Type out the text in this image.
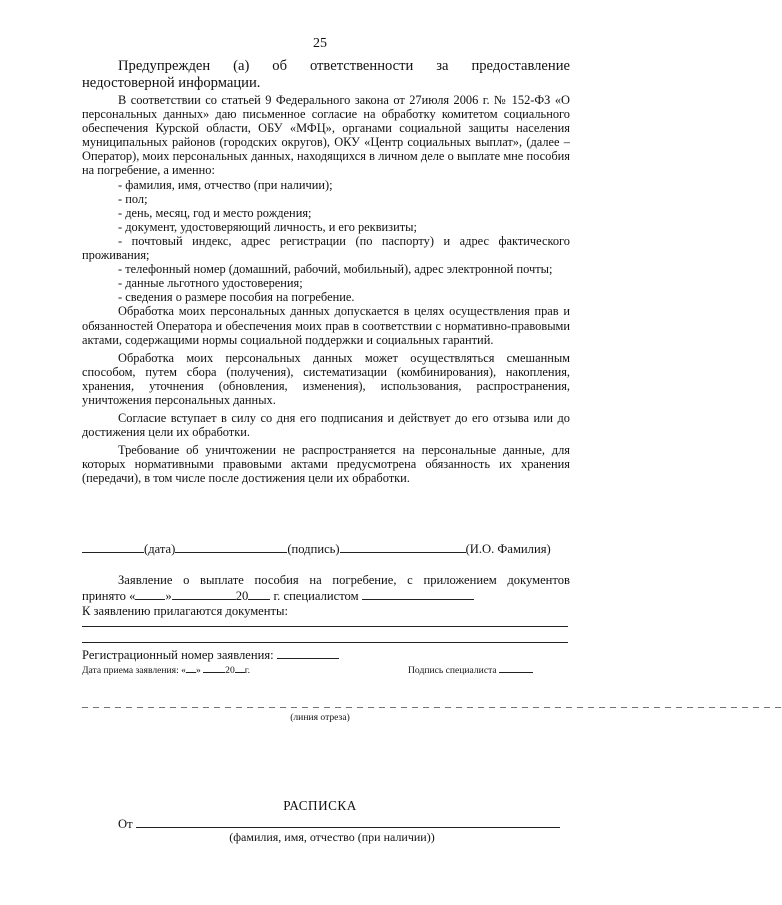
25

Предупрежден (а) об ответственности за предоставление

недостоверной информации.

В соответствии со статьей 9 Федерального закона от 27июля 2006 г. № 152-ФЗ «О персональных данных» даю письменное согласие на обработку комитетом социального обеспечения Курской области, ОБУ «МФЦ», органами социальной защиты населения муниципальных районов (городских округов), ОКУ «Центр социальных выплат», (далее – Оператор), моих персональных данных, находящихся в личном деле о выплате мне пособия на погребение, а именно:

- фамилия, имя, отчество (при наличии);

- пол;

- день, месяц, год и место рождения;

- документ, удостоверяющий личность, и его реквизиты;

- почтовый индекс, адрес регистрации (по паспорту) и адрес фактического проживания;

- телефонный номер (домашний, рабочий, мобильный), адрес электронной почты;

- данные льготного удостоверения;

- сведения о размере пособия на погребение.

Обработка моих персональных данных допускается в целях осуществления прав и обязанностей Оператора и обеспечения моих прав в соответствии с нормативно-правовыми актами, содержащими нормы социальной поддержки и социальных гарантий.

Обработка моих персональных данных может осуществляться смешанным способом, путем сбора (получения), систематизации (комбинирования), накопления, хранения, уточнения (обновления, изменения), использования, распространения, уничтожения персональных данных.

Согласие вступает в силу со дня его подписания и действует до его отзыва или до достижения цели их обработки.

Требование об уничтожении не распространяется на персональные данные, для которых нормативными правовыми актами предусмотрена обязанность их хранения (передачи), в том числе после достижения цели их обработки.

(дата)	(подпись)	(И.О. Фамилия)

Заявление о выплате пособия на погребение, с приложением документов

принято « »	20 г. специалистом
К заявлению прилагаются документы:
Регистрационный номер заявления:
Дата приема заявления: « »	20 г.	Подпись специалиста
– – – – – – – – – – – – – – – – – – – – – – – – – – – – – – – – – – – – – – – – – – – – – – – – – – – – – – – – – – – – – – – –
(линия отреза)
РАСПИСКА
От
(фамилия, имя, отчество (при наличии))
